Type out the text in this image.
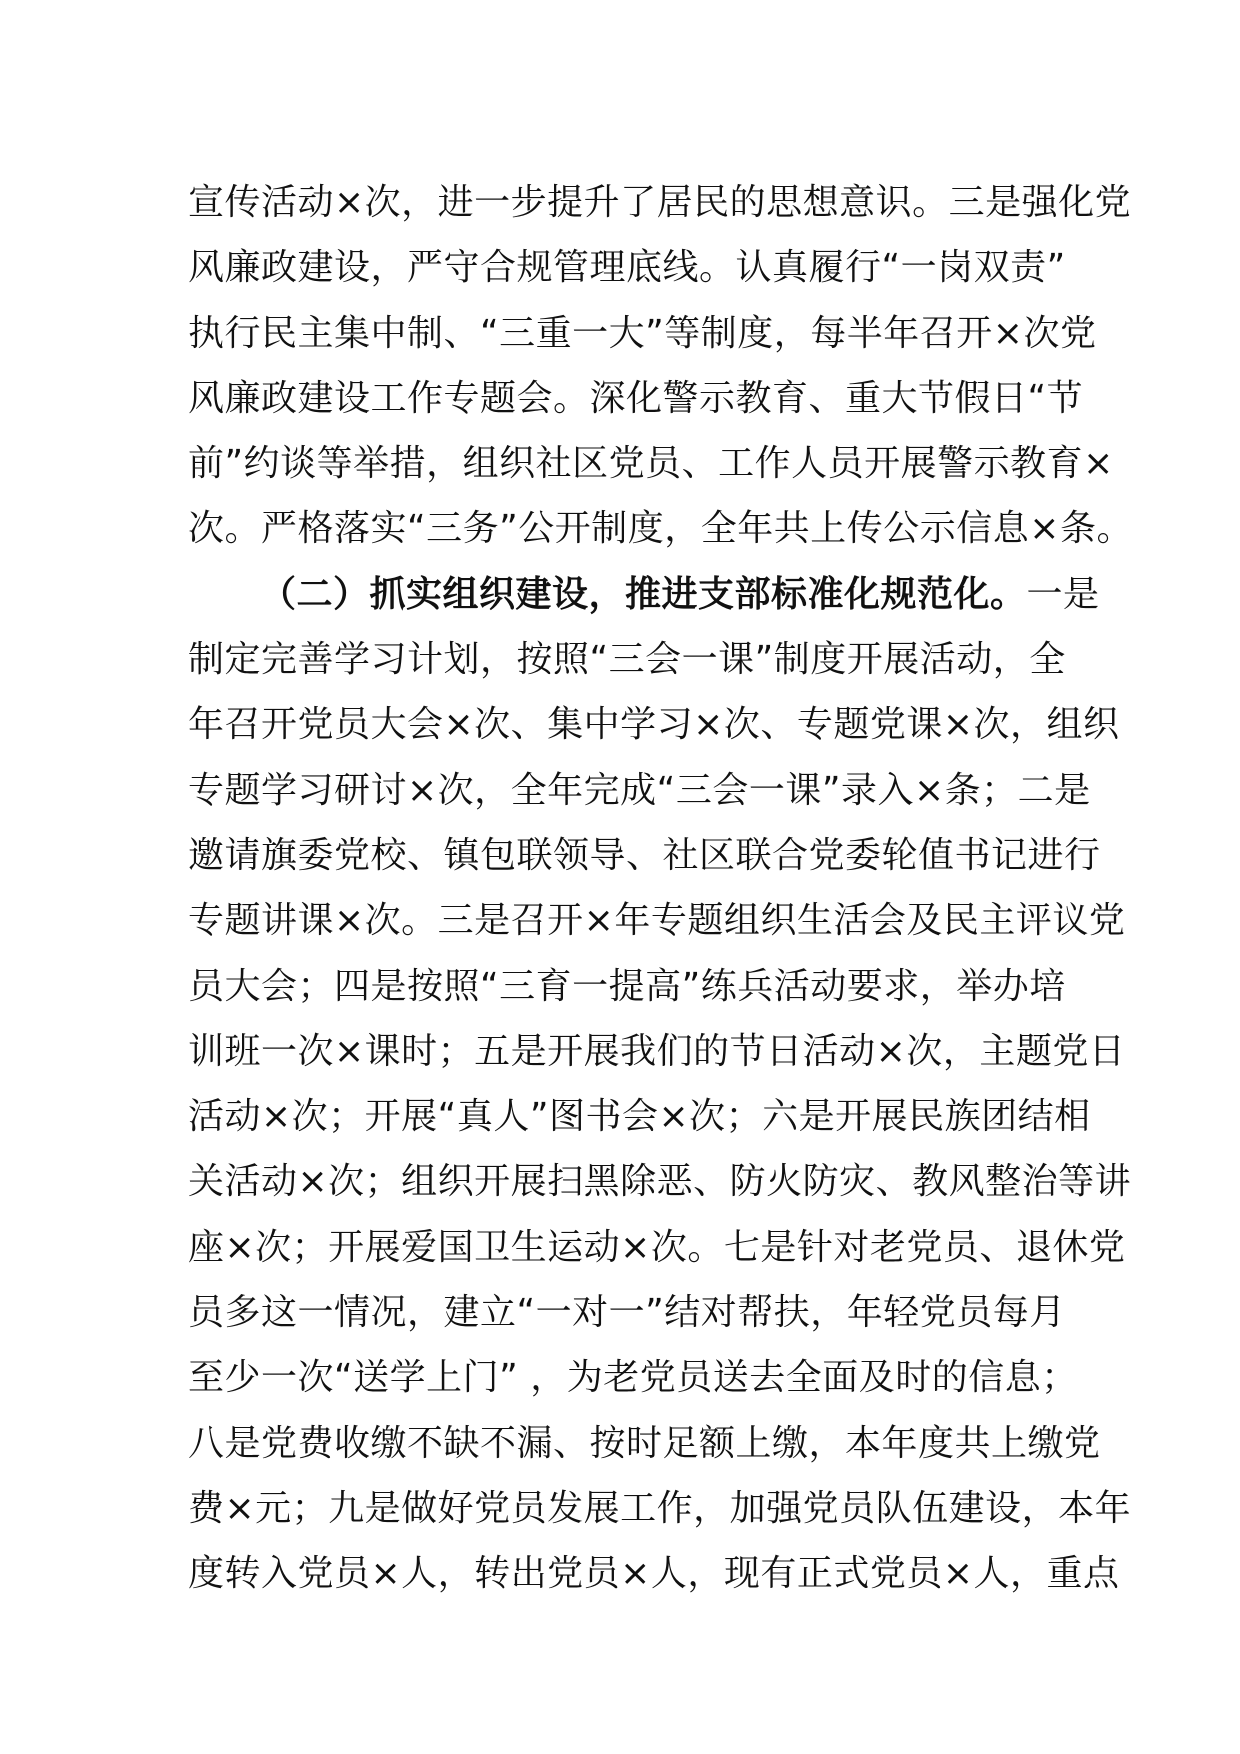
宣传活动×次，进一步提升了居民的思想意识。三是强化党
风廉政建设，严守合规管理底线。认真履行“一岗双责”
执行民主集中制、“三重一大”等制度，每半年召开×次党
风廉政建设工作专题会。深化警示教育、重大节假日“节
前”约谈等举措，组织社区党员、工作人员开展警示教育×
次。严格落实“三务”公开制度，全年共上传公示信息×条。
（二）抓实组织建设，推进支部标准化规范化。一是
制定完善学习计划，按照“三会一课”制度开展活动，全
年召开党员大会×次、集中学习×次、专题党课×次，组织
专题学习研讨×次，全年完成“三会一课”录入×条；二是
邀请旗委党校、镇包联领导、社区联合党委轮值书记进行
专题讲课×次。三是召开×年专题组织生活会及民主评议党
员大会；四是按照“三育一提高”练兵活动要求，举办培
训班一次×课时；五是开展我们的节日活动×次，主题党日
活动×次；开展“真人”图书会×次；六是开展民族团结相
关活动×次；组织开展扫黑除恶、防火防灾、教风整治等讲
座×次；开展爱国卫生运动×次。七是针对老党员、退休党
员多这一情况，建立“一对一”结对帮扶，年轻党员每月
至少一次“送学上门” ，为老党员送去全面及时的信息；
八是党费收缴不缺不漏、按时足额上缴，本年度共上缴党
费×元；九是做好党员发展工作，加强党员队伍建设，本年
度转入党员×人，转出党员×人，现有正式党员×人，重点
